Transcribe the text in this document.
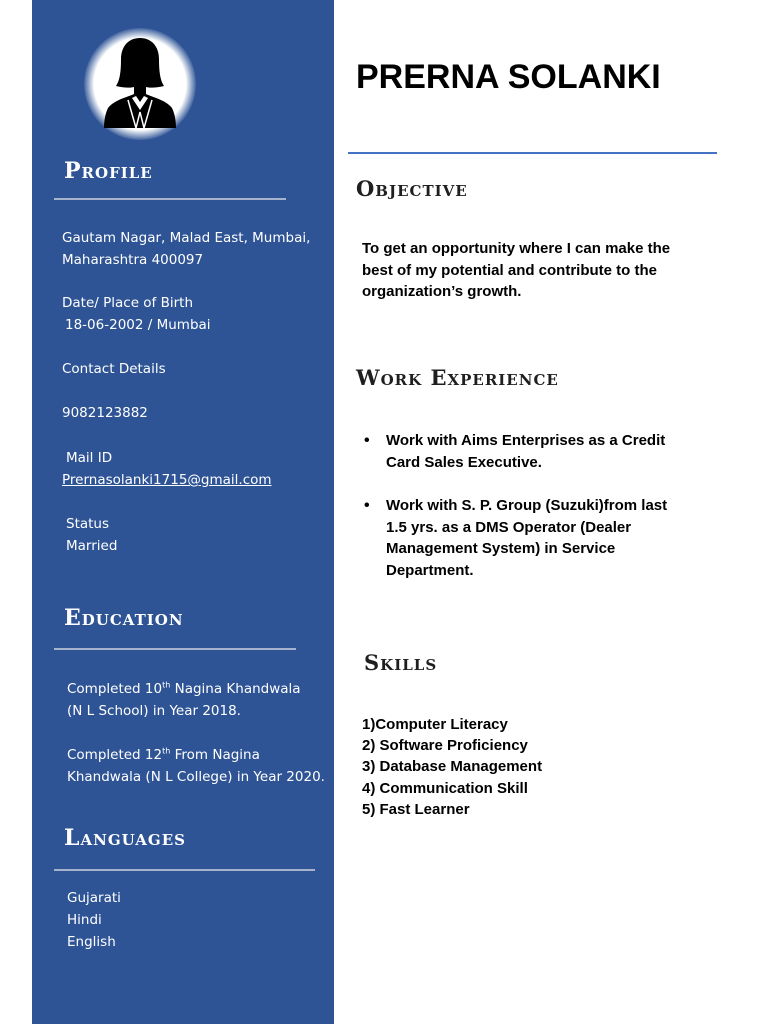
Profile

Gautam Nagar, Malad East, Mumbai,
Maharashtra 400097

Date/ Place of Birth
18-06-2002 / Mumbai

Contact Details

9082123882

Mail ID
Prernasolanki1715@gmail.com

Status
Married

Education

Completed 10th Nagina Khandwala
(N L School) in Year 2018.

Completed 12th From Nagina
Khandwala (N L College) in Year 2020.

Languages

Gujarati
Hindi
English

PRERNA SOLANKI
Objective

To get an opportunity where I can make the
best of my potential and contribute to the
organization’s growth.

Work Experience
• Work with Aims Enterprises as a Credit
Card Sales Executive.
• Work with S. P. Group (Suzuki)from last
1.5 yrs. as a DMS Operator (Dealer
Management System) in Service
Department.
Skills
1)Computer Literacy
2) Software Proficiency
3) Database Management
4) Communication Skill
5) Fast Learner
